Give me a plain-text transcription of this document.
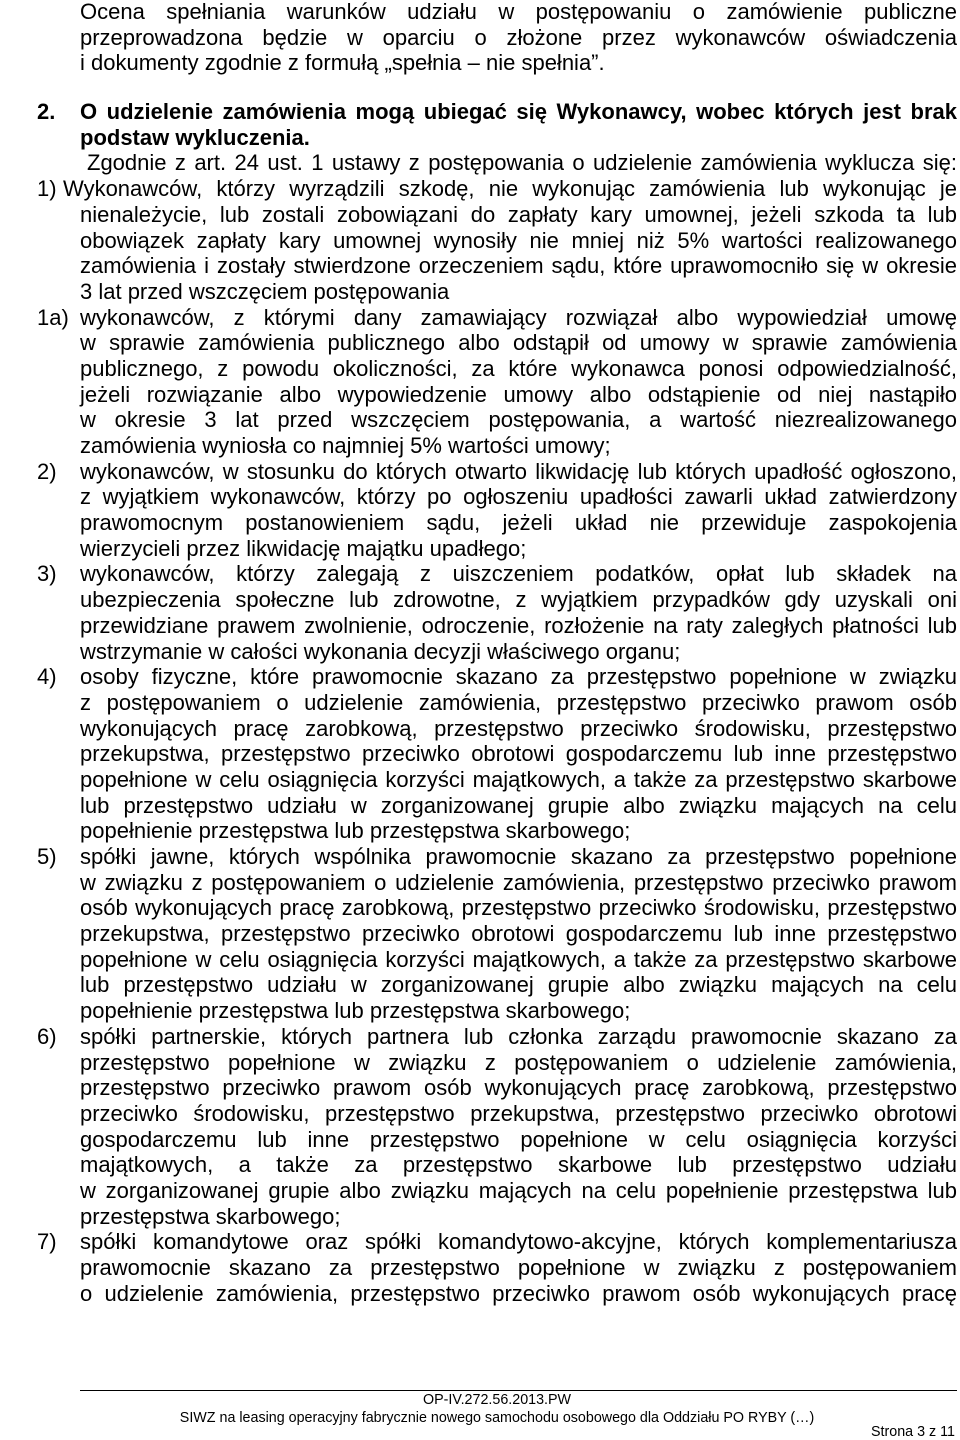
Ocena spełniania warunków udziału w postępowaniu o zamówienie publiczne
przeprowadzona będzie w oparciu o złożone przez wykonawców oświadczenia
i dokumenty zgodnie z formułą „spełnia – nie spełnia”.
2. O udzielenie zamówienia mogą ubiegać się Wykonawcy, wobec których jest brak
podstaw wykluczenia.
Zgodnie z art. 24 ust. 1 ustawy z postępowania o udzielenie zamówienia wyklucza się:
1) Wykonawców, którzy wyrządzili szkodę, nie wykonując zamówienia lub wykonując je
nienależycie, lub zostali zobowiązani do zapłaty kary umownej, jeżeli szkoda ta lub
obowiązek zapłaty kary umownej wynosiły nie mniej niż 5% wartości realizowanego
zamówienia i zostały stwierdzone orzeczeniem sądu, które uprawomocniło się w okresie
3 lat przed wszczęciem postępowania
1a) wykonawców, z którymi dany zamawiający rozwiązał albo wypowiedział umowę
w sprawie zamówienia publicznego albo odstąpił od umowy w sprawie zamówienia
publicznego, z powodu okoliczności, za które wykonawca ponosi odpowiedzialność,
jeżeli rozwiązanie albo wypowiedzenie umowy albo odstąpienie od niej nastąpiło
w okresie 3 lat przed wszczęciem postępowania, a wartość niezrealizowanego
zamówienia wyniosła co najmniej 5% wartości umowy;
2) wykonawców, w stosunku do których otwarto likwidację lub których upadłość ogłoszono,
z wyjątkiem wykonawców, którzy po ogłoszeniu upadłości zawarli układ zatwierdzony
prawomocnym postanowieniem sądu, jeżeli układ nie przewiduje zaspokojenia
wierzycieli przez likwidację majątku upadłego;
3) wykonawców, którzy zalegają z uiszczeniem podatków, opłat lub składek na
ubezpieczenia społeczne lub zdrowotne, z wyjątkiem przypadków gdy uzyskali oni
przewidziane prawem zwolnienie, odroczenie, rozłożenie na raty zaległych płatności lub
wstrzymanie w całości wykonania decyzji właściwego organu;
4) osoby fizyczne, które prawomocnie skazano za przestępstwo popełnione w związku
z postępowaniem o udzielenie zamówienia, przestępstwo przeciwko prawom osób
wykonujących pracę zarobkową, przestępstwo przeciwko środowisku, przestępstwo
przekupstwa, przestępstwo przeciwko obrotowi gospodarczemu lub inne przestępstwo
popełnione w celu osiągnięcia korzyści majątkowych, a także za przestępstwo skarbowe
lub przestępstwo udziału w zorganizowanej grupie albo związku mających na celu
popełnienie przestępstwa lub przestępstwa skarbowego;
5) spółki jawne, których wspólnika prawomocnie skazano za przestępstwo popełnione
w związku z postępowaniem o udzielenie zamówienia, przestępstwo przeciwko prawom
osób wykonujących pracę zarobkową, przestępstwo przeciwko środowisku, przestępstwo
przekupstwa, przestępstwo przeciwko obrotowi gospodarczemu lub inne przestępstwo
popełnione w celu osiągnięcia korzyści majątkowych, a także za przestępstwo skarbowe
lub przestępstwo udziału w zorganizowanej grupie albo związku mających na celu
popełnienie przestępstwa lub przestępstwa skarbowego;
6) spółki partnerskie, których partnera lub członka zarządu prawomocnie skazano za
przestępstwo popełnione w związku z postępowaniem o udzielenie zamówienia,
przestępstwo przeciwko prawom osób wykonujących pracę zarobkową, przestępstwo
przeciwko środowisku, przestępstwo przekupstwa, przestępstwo przeciwko obrotowi
gospodarczemu lub inne przestępstwo popełnione w celu osiągnięcia korzyści
majątkowych, a także za przestępstwo skarbowe lub przestępstwo udziału
w zorganizowanej grupie albo związku mających na celu popełnienie przestępstwa lub
przestępstwa skarbowego;
7) spółki komandytowe oraz spółki komandytowo-akcyjne, których komplementariusza
prawomocnie skazano za przestępstwo popełnione w związku z postępowaniem
o udzielenie zamówienia, przestępstwo przeciwko prawom osób wykonujących pracę
OP-IV.272.56.2013.PW
SIWZ na leasing operacyjny fabrycznie nowego samochodu osobowego dla Oddziału PO RYBY (…)
Strona 3 z 11
